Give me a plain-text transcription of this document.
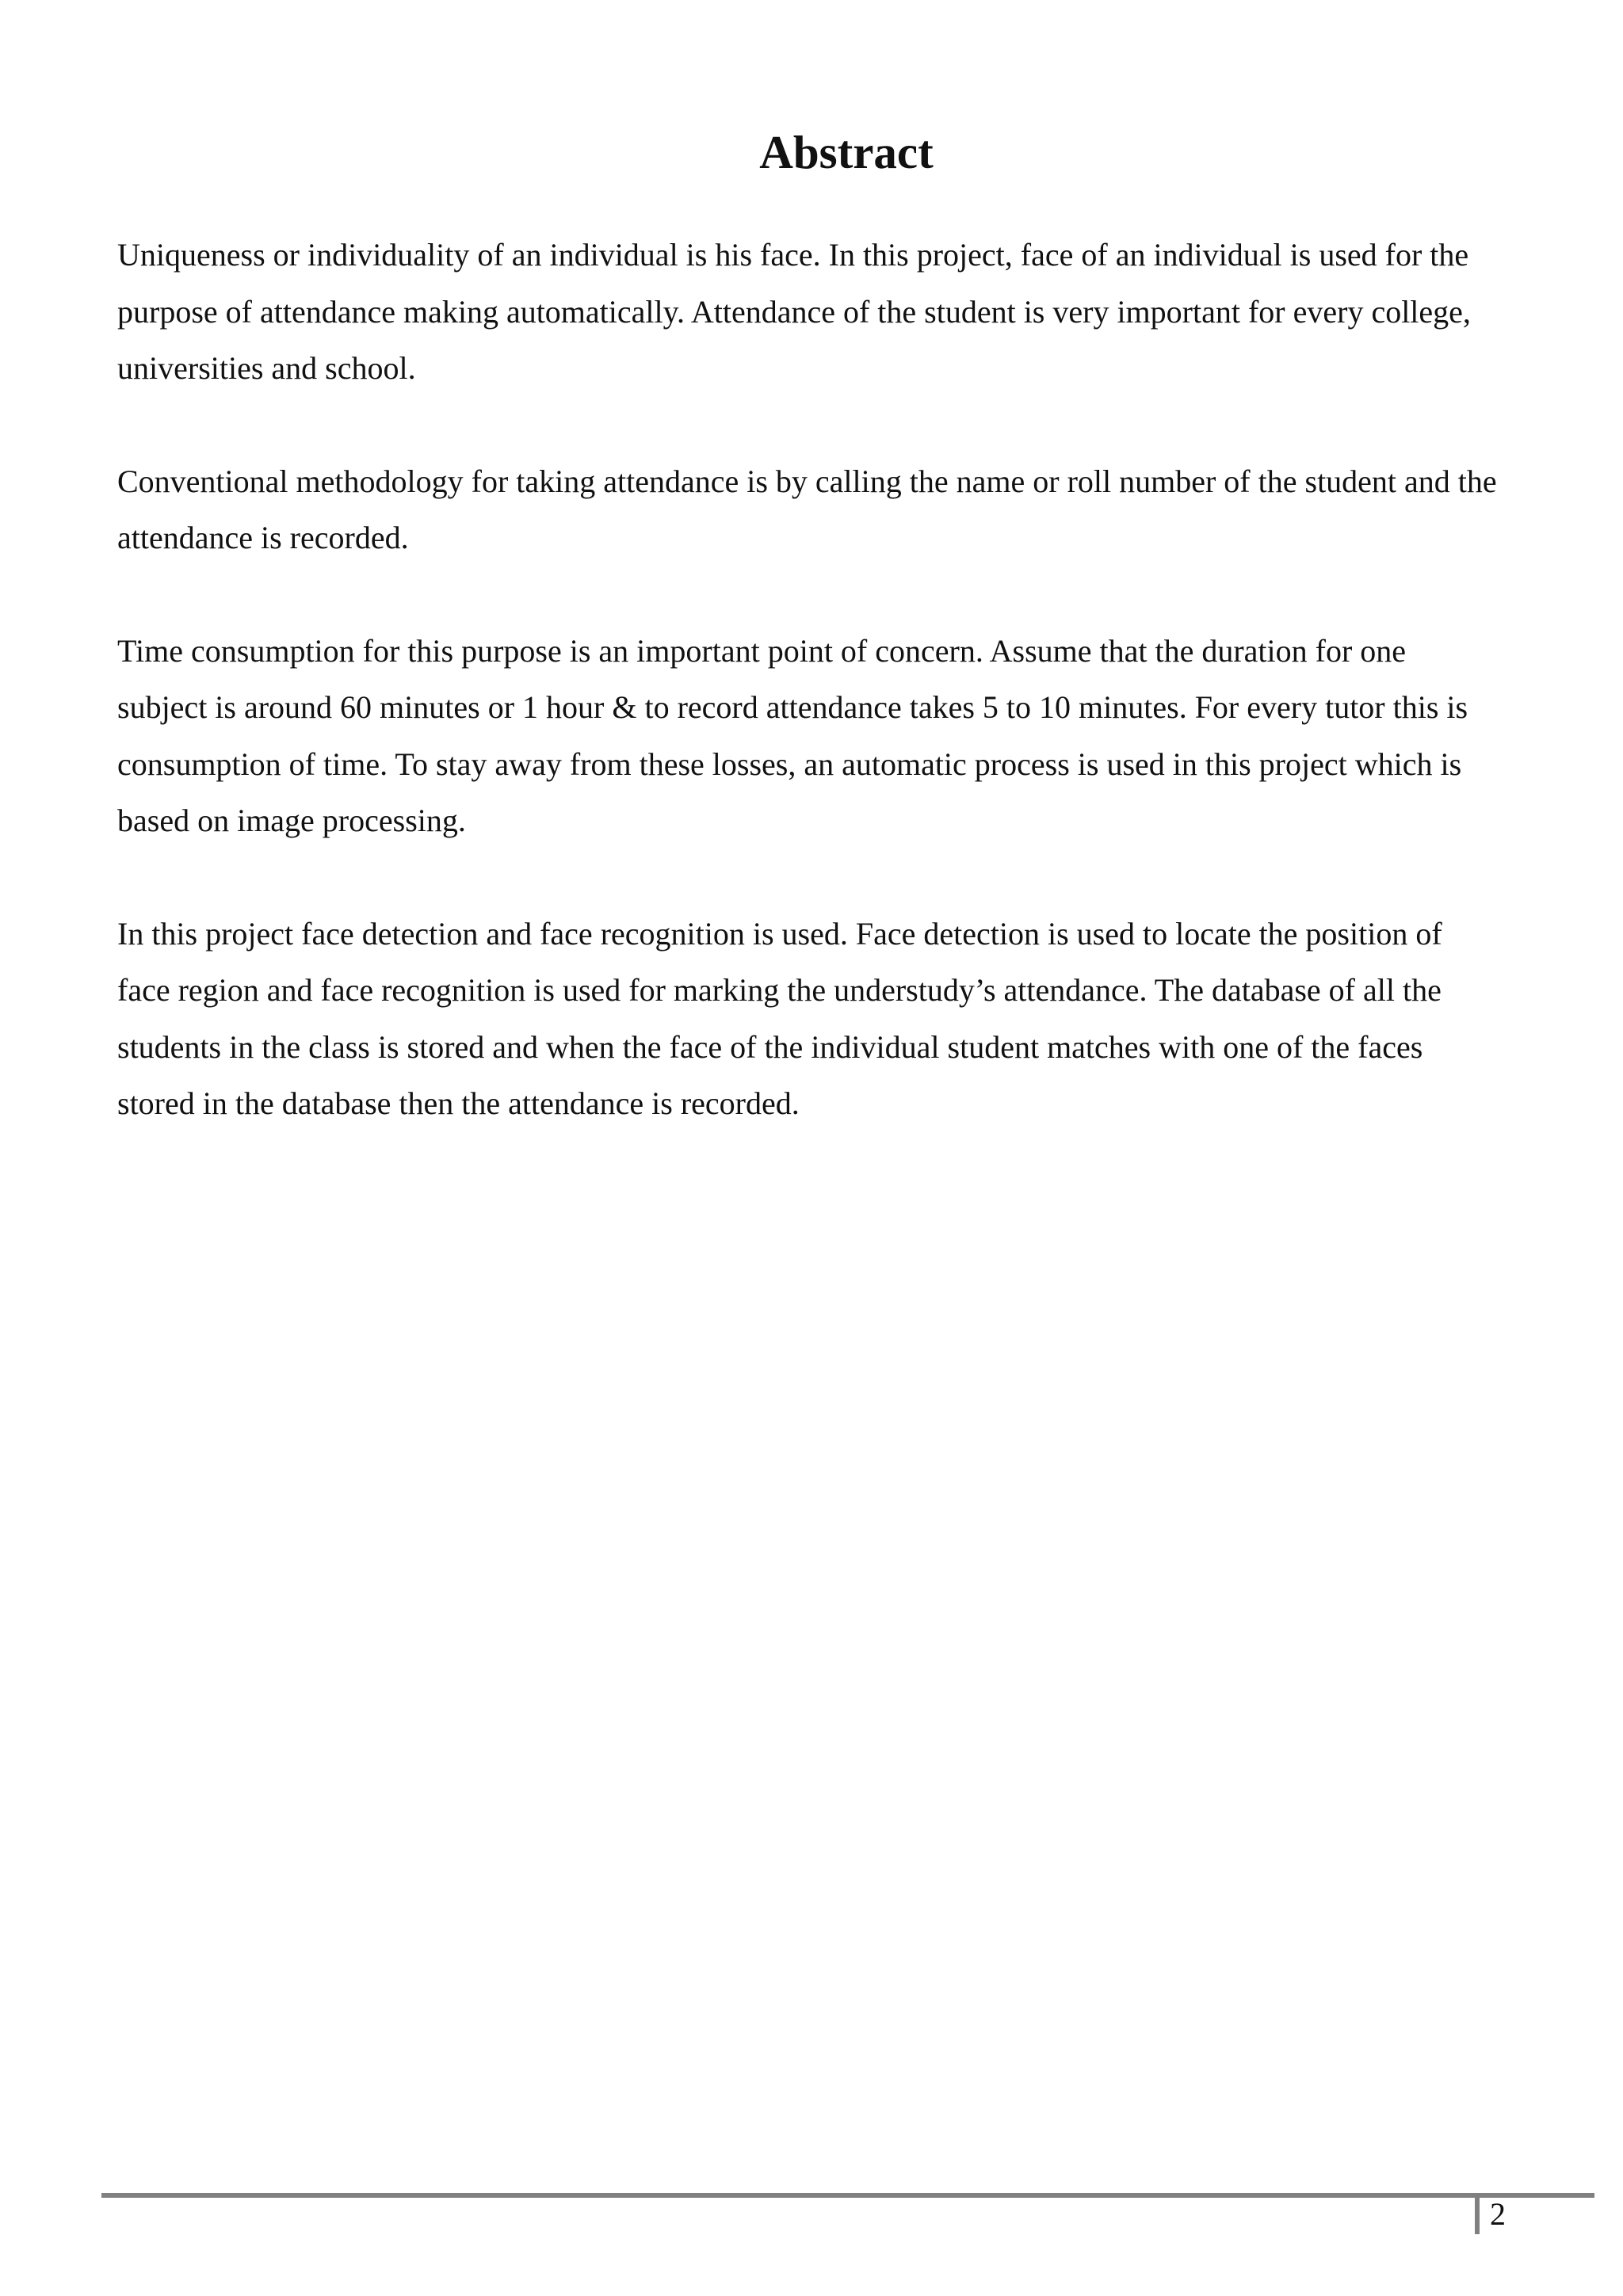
Abstract

Uniqueness or individuality of an individual is his face. In this project, face of an individual is used for the
purpose of attendance making automatically. Attendance of the student is very important for every college,
universities and school.

Conventional methodology for taking attendance is by calling the name or roll number of the student and the
attendance is recorded.

Time consumption for this purpose is an important point of concern. Assume that the duration for one
subject is around 60 minutes or 1 hour & to record attendance takes 5 to 10 minutes. For every tutor this is
consumption of time. To stay away from these losses, an automatic process is used in this project which is
based on image processing.

In this project face detection and face recognition is used. Face detection is used to locate the position of
face region and face recognition is used for marking the understudy’s attendance. The database of all the
students in the class is stored and when the face of the individual student matches with one of the faces
stored in the database then the attendance is recorded.

2
